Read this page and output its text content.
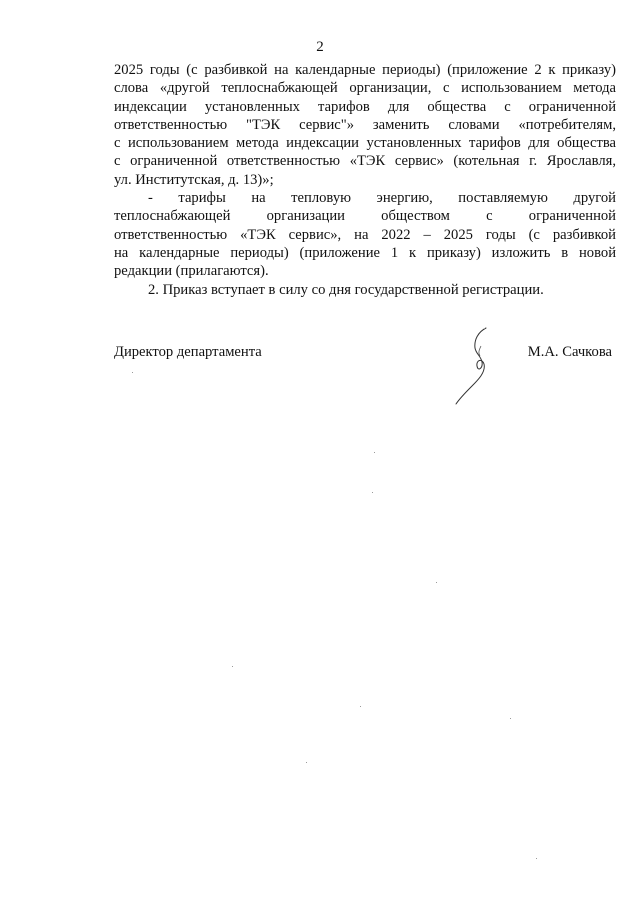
2
2025 годы (с разбивкой на календарные периоды) (приложение 2 к приказу)
слова «другой теплоснабжающей организации, с использованием метода
индексации установленных тарифов для общества с ограниченной
ответственностью "ТЭК сервис"» заменить словами «потребителям,
с использованием метода индексации установленных тарифов для общества
с ограниченной ответственностью «ТЭК сервис» (котельная г. Ярославля,
ул. Институтская, д. 13)»;
- тарифы на тепловую энергию, поставляемую другой
теплоснабжающей организации обществом с ограниченной
ответственностью «ТЭК сервис», на 2022 – 2025 годы (с разбивкой
на календарные периоды) (приложение 1 к приказу) изложить в новой
редакции (прилагаются).
2. Приказ вступает в силу со дня государственной регистрации.
Директор департамента	М.А. Сачкова
